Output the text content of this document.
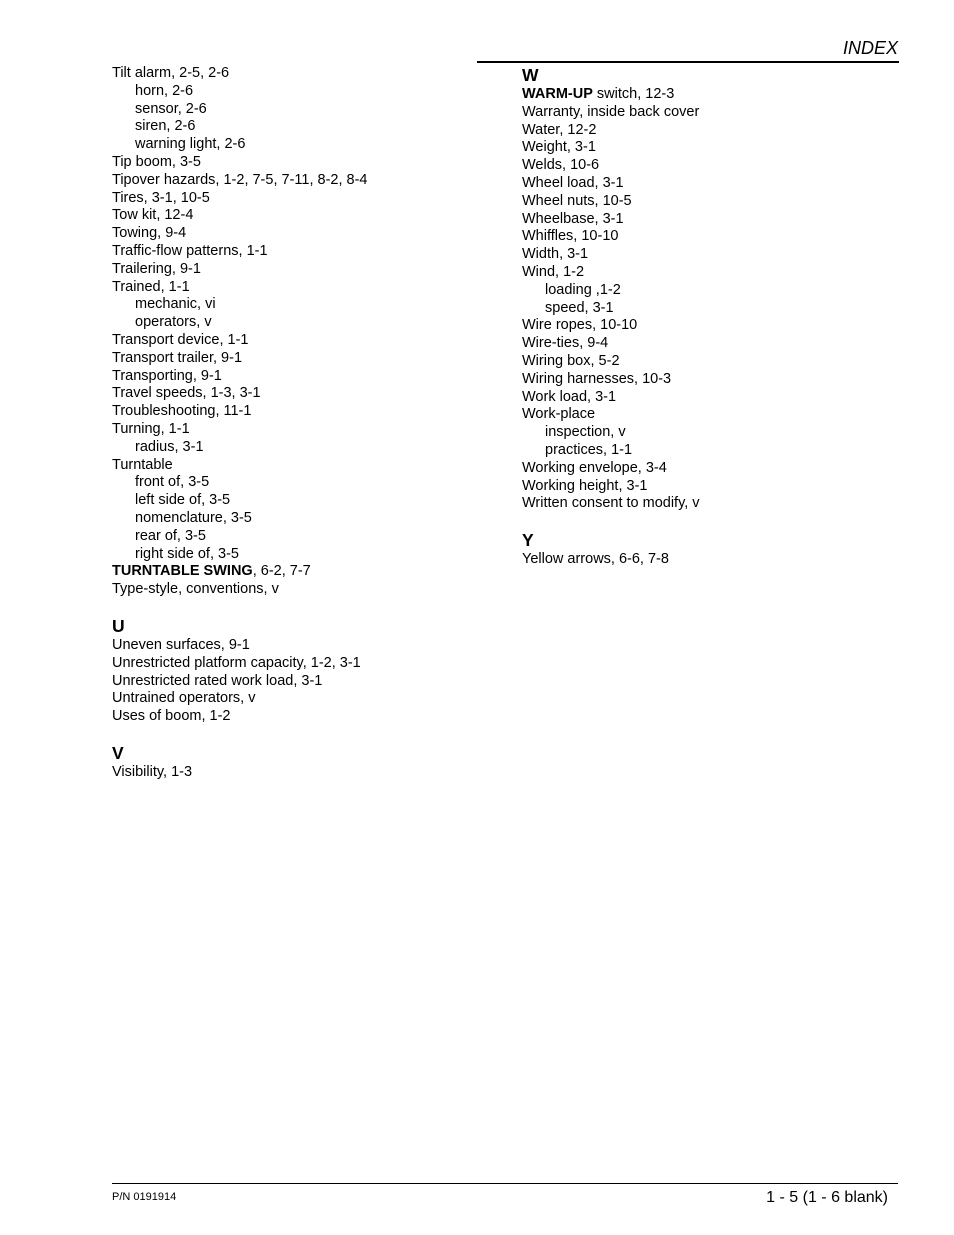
INDEX
Tilt alarm, 2-5, 2-6
horn, 2-6
sensor, 2-6
siren, 2-6
warning light, 2-6
Tip boom, 3-5
Tipover hazards, 1-2, 7-5, 7-11, 8-2, 8-4
Tires, 3-1, 10-5
Tow kit, 12-4
Towing, 9-4
Traffic-flow patterns, 1-1
Trailering, 9-1
Trained, 1-1
mechanic, vi
operators, v
Transport device, 1-1
Transport trailer, 9-1
Transporting, 9-1
Travel speeds, 1-3, 3-1
Troubleshooting, 11-1
Turning, 1-1
radius, 3-1
Turntable
front of, 3-5
left side of, 3-5
nomenclature, 3-5
rear of, 3-5
right side of, 3-5
TURNTABLE SWING, 6-2, 7-7
Type-style, conventions, v
U
Uneven surfaces, 9-1
Unrestricted platform capacity, 1-2, 3-1
Unrestricted rated work load, 3-1
Untrained operators, v
Uses of boom, 1-2
V
Visibility, 1-3
W
WARM-UP switch, 12-3
Warranty, inside back cover
Water, 12-2
Weight, 3-1
Welds, 10-6
Wheel load, 3-1
Wheel nuts, 10-5
Wheelbase, 3-1
Whiffles, 10-10
Width, 3-1
Wind, 1-2
loading ,1-2
speed, 3-1
Wire ropes, 10-10
Wire-ties, 9-4
Wiring box, 5-2
Wiring harnesses, 10-3
Work load, 3-1
Work-place
inspection, v
practices, 1-1
Working envelope, 3-4
Working height, 3-1
Written consent to modify, v
Y
Yellow arrows, 6-6, 7-8
P/N 0191914	1 - 5 (1 - 6 blank)
